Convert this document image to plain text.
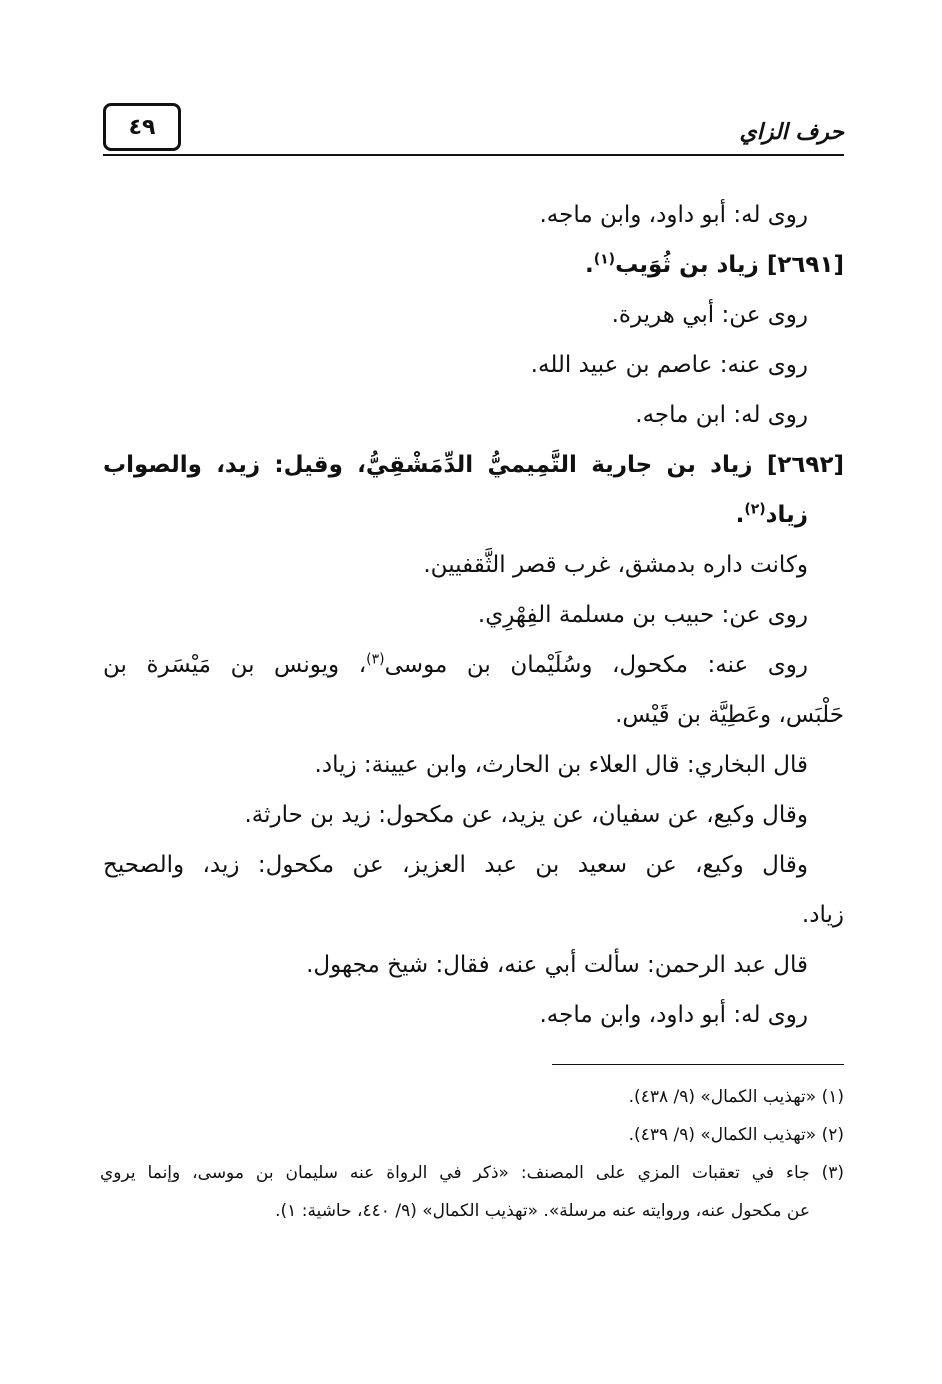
٤٩	حرف الزاي

روى له: أبو داود، وابن ماجه.

[٢٦٩١] زياد بن ثُوَيب$^{(١)}$.

روى عن: أبي هريرة.

روى عنه: عاصم بن عبيد الله.

روى له: ابن ماجه.

[٢٦٩٢] زياد بن جارية التَّمِيميُّ الدِّمَشْقِيُّ، وقيل: زيد، والصواب

زياد$^{(٢)}$.

وكانت داره بدمشق، غرب قصر الثَّقفيين.

روى عن: حبيب بن مسلمة الفِهْرِي.

روى عنه: مكحول، وسُلَيْمان بن موسى$^{(٣)}$، ويونس بن مَيْسَرة بن

حَلْبَس، وعَطِيَّة بن قَيْس.

قال البخاري: قال العلاء بن الحارث، وابن عيينة: زياد.

وقال وكيع، عن سفيان، عن يزيد، عن مكحول: زيد بن حارثة.

وقال وكيع، عن سعيد بن عبد العزيز، عن مكحول: زيد، والصحيح

زياد.

قال عبد الرحمن: سألت أبي عنه، فقال: شيخ مجهول.

روى له: أبو داود، وابن ماجه.

(١) «تهذيب الكمال» (٩/ ٤٣٨).

(٢) «تهذيب الكمال» (٩/ ٤٣٩).

(٣) جاء في تعقبات المزي على المصنف: «ذكر في الرواة عنه سليمان بن موسى، وإنما يروي

عن مكحول عنه، وروايته عنه مرسلة». «تهذيب الكمال» (٩/ ٤٤٠، حاشية: ١).
